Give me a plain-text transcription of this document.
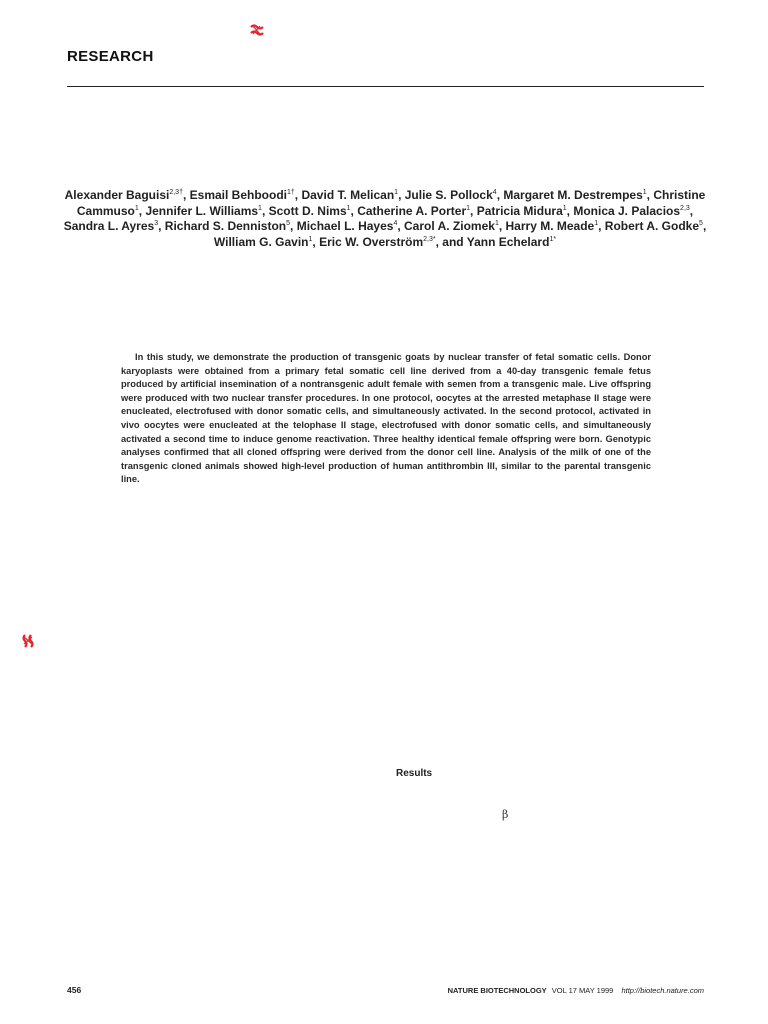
RESEARCH
Alexander Baguisi$^{2,3\dagger}$, Esmail Behboodi$^{1\dagger}$, David T. Melican$^1$, Julie S. Pollock$^4$, Margaret M. Destrempes$^1$, Christine Cammuso$^1$, Jennifer L. Williams$^1$, Scott D. Nims$^1$, Catherine A. Porter$^1$, Patricia Midura$^1$, Monica J. Palacios$^{2,3}$, Sandra L. Ayres$^3$, Richard S. Denniston$^5$, Michael L. Hayes$^4$, Carol A. Ziomek$^1$, Harry M. Meade$^1$, Robert A. Godke$^5$, William G. Gavin$^1$, Eric W. Overström$^{2,3*}$, and Yann Echelard$^{1*}$

In this study, we demonstrate the production of transgenic goats by nuclear transfer of fetal somatic cells. Donor karyoplasts were obtained from a primary fetal somatic cell line derived from a 40-day transgenic female fetus produced by artificial insemination of a nontransgenic adult female with semen from a transgenic male. Live offspring were produced with two nuclear transfer procedures. In one protocol, oocytes at the arrested metaphase II stage were enucleated, electrofused with donor somatic cells, and simultaneously activated. In the second protocol, activated in vivo oocytes were enucleated at the telophase II stage, electrofused with donor somatic cells, and simultaneously activated a second time to induce genome reactivation. Three healthy identical female offspring were born. Genotypic analyses confirmed that all cloned offspring were derived from the donor cell line. Analysis of the milk of one of the transgenic cloned animals showed high-level production of human antithrombin III, similar to the parental transgenic line.

Results
β
456	NATURE BIOTECHNOLOGY VOL 17 MAY 1999 http://biotech.nature.com
